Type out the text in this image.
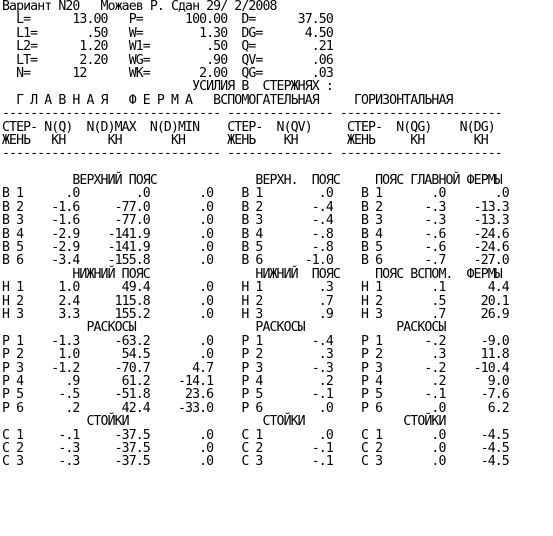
Вариант N20   Можаев Р. Сдан 29/ 2/2008
L=      13.00   P=      100.00  D=      37.50
L1=       .50   W=        1.30  DG=      4.50
L2=      1.20   W1=        .50  Q=        .21
LT=      2.20   WG=        .90  QV=       .06
N=      12      WK=       2.00  QG=       .03
УСИЛИЯ В  СТЕРЖНЯХ :
Г Л А В Н А Я   Ф Е Р М А   ВСПОМОГАТЕЛЬНАЯ     ГОРИЗОНТАЛЬНАЯ
------------------------------- --------------- -----------------------
СТЕР- N(Q)  N(D)MAX  N(D)MIN    СТЕР-  N(QV)     СТЕР-  N(QG)    N(DG)
ЖЕНЬ   КН      КН       КН      ЖЕНЬ    КН       ЖЕНЬ     КН       КН
------------------------------- --------------- -----------------------
ВЕРХНИЙ ПОЯС              ВЕРХН.  ПОЯС     ПОЯС ГЛАВНОЙ ФЕРМЫ
В 1      .0        .0       .0    В 1        .0    В 1       .0       .0
В 2    -1.6     -77.0       .0    В 2       -.4    В 2      -.3    -13.3
В 3    -1.6     -77.0       .0    В 3       -.4    В 3      -.3    -13.3
В 4    -2.9    -141.9       .0    В 4       -.8    В 4      -.6    -24.6
В 5    -2.9    -141.9       .0    В 5       -.8    В 5      -.6    -24.6
В 6    -3.4    -155.8       .0    В 6      -1.0    В 6      -.7    -27.0
НИЖНИЙ ПОЯС               НИЖНИЙ  ПОЯС     ПОЯС ВСПОМ.  ФЕРМЫ
Н 1     1.0      49.4       .0    Н 1        .3    Н 1       .1      4.4
Н 2     2.4     115.8       .0    Н 2        .7    Н 2       .5     20.1
Н 3     3.3     155.2       .0    Н 3        .9    Н 3       .7     26.9
РАСКОСЫ                 РАСКОСЫ             РАСКОСЫ
Р 1    -1.3     -63.2       .0    Р 1       -.4    Р 1      -.2     -9.0
Р 2     1.0      54.5       .0    Р 2        .3    Р 2       .3     11.8
Р 3    -1.2     -70.7      4.7    Р 3       -.3    Р 3      -.2    -10.4
Р 4      .9      61.2    -14.1    Р 4        .2    Р 4       .2      9.0
Р 5     -.5     -51.8     23.6    Р 5       -.1    Р 5      -.1     -7.6
Р 6      .2      42.4    -33.0    Р 6        .0    Р 6       .0      6.2
СТОЙКИ                   СТОЙКИ              СТОЙКИ
С 1     -.1     -37.5       .0    С 1        .0    С 1       .0     -4.5
С 2     -.3     -37.5       .0    С 2       -.1    С 2       .0     -4.5
С 3     -.3     -37.5       .0    С 3       -.1    С 3       .0     -4.5
